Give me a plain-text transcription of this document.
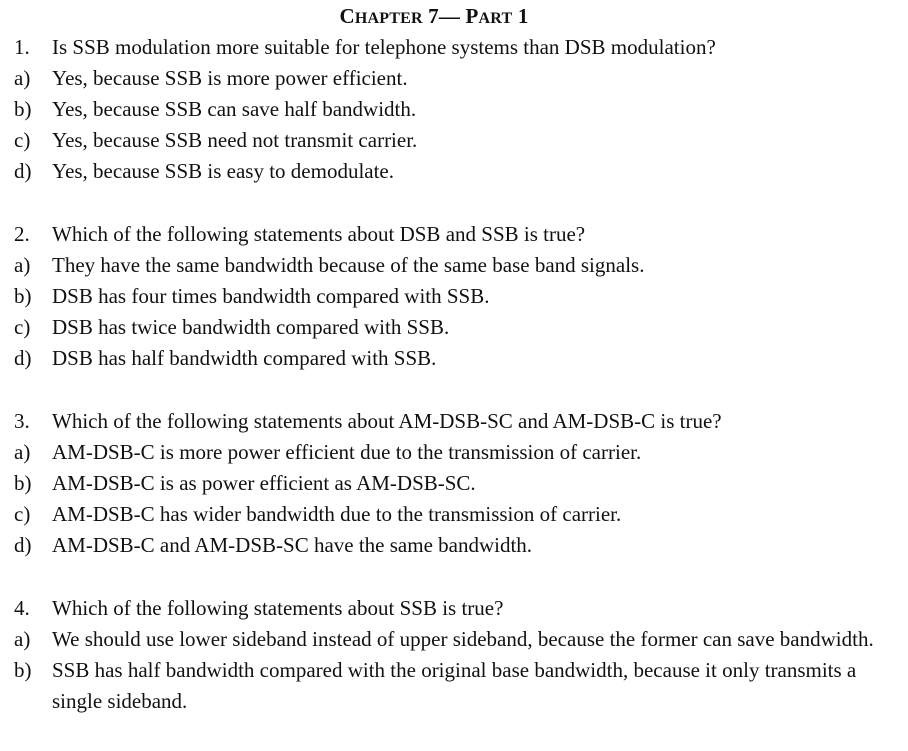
CHAPTER 7— PART 1
1.	Is SSB modulation more suitable for telephone systems than DSB modulation?
a)	Yes, because SSB is more power efficient.
b) Yes, because SSB can save half bandwidth.
c)	Yes, because SSB need not transmit carrier.
d) Yes, because SSB is easy to demodulate.
2.	Which of the following statements about DSB and SSB is true?
a)	They have the same bandwidth because of the same base band signals.
b) DSB has four times bandwidth compared with SSB.
c)	DSB has twice bandwidth compared with SSB.
d) DSB has half bandwidth compared with SSB.
3.	Which of the following statements about AM-DSB-SC and AM-DSB-C is true?
a)	AM-DSB-C is more power efficient due to the transmission of carrier.
b) AM-DSB-C is as power efficient as AM-DSB-SC.
c)	AM-DSB-C has wider bandwidth due to the transmission of carrier.
d) AM-DSB-C and AM-DSB-SC have the same bandwidth.
4.	Which of the following statements about SSB is true?
a)	We should use lower sideband instead of upper sideband, because the former can save bandwidth.
b) SSB has half bandwidth compared with the original base bandwidth, because it only transmits a single sideband.
